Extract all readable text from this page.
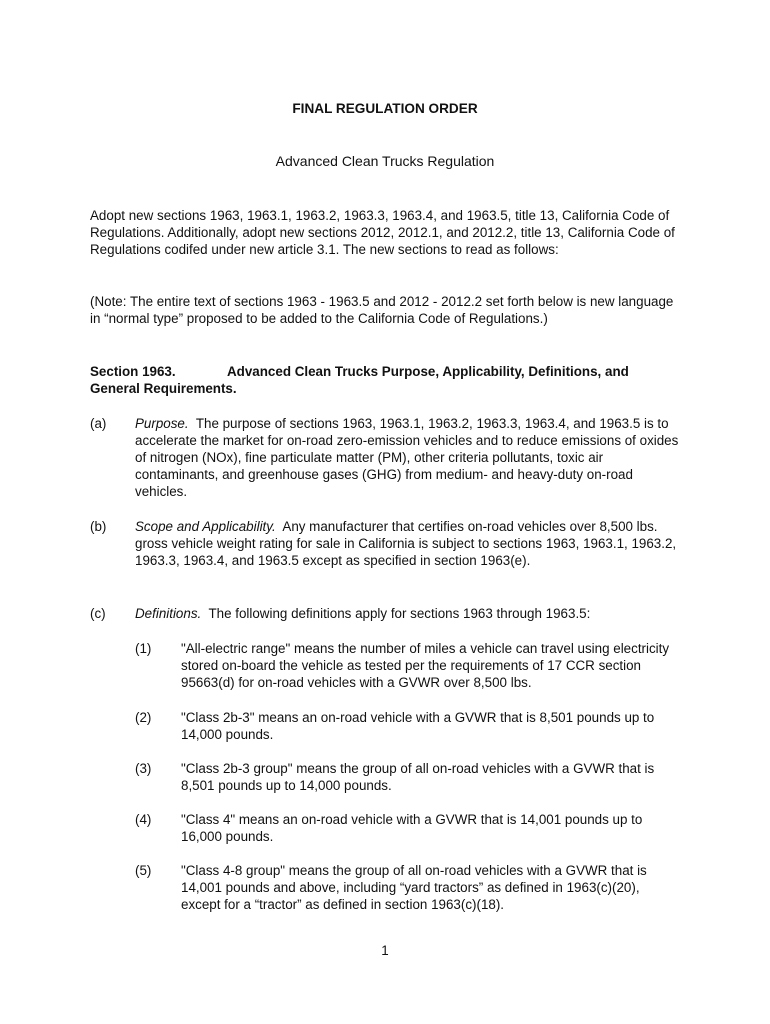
FINAL REGULATION ORDER
Advanced Clean Trucks Regulation
Adopt new sections 1963, 1963.1, 1963.2, 1963.3, 1963.4, and 1963.5, title 13, California Code of Regulations. Additionally, adopt new sections 2012, 2012.1, and 2012.2, title 13, California Code of Regulations codifed under new article 3.1. The new sections to read as follows:
(Note: The entire text of sections 1963 - 1963.5 and 2012 - 2012.2 set forth below is new language in “normal type” proposed to be added to the California Code of Regulations.)
Section 1963.	Advanced Clean Trucks Purpose, Applicability, Definitions, and General Requirements.
(a)	Purpose. The purpose of sections 1963, 1963.1, 1963.2, 1963.3, 1963.4, and 1963.5 is to accelerate the market for on-road zero-emission vehicles and to reduce emissions of oxides of nitrogen (NOx), fine particulate matter (PM), other criteria pollutants, toxic air contaminants, and greenhouse gases (GHG) from medium- and heavy-duty on-road vehicles.
(b)	Scope and Applicability. Any manufacturer that certifies on-road vehicles over 8,500 lbs. gross vehicle weight rating for sale in California is subject to sections 1963, 1963.1, 1963.2, 1963.3, 1963.4, and 1963.5 except as specified in section 1963(e).
(c)	Definitions. The following definitions apply for sections 1963 through 1963.5:
(1)	"All-electric range" means the number of miles a vehicle can travel using electricity stored on-board the vehicle as tested per the requirements of 17 CCR section 95663(d) for on-road vehicles with a GVWR over 8,500 lbs.
(2)	"Class 2b-3" means an on-road vehicle with a GVWR that is 8,501 pounds up to 14,000 pounds.
(3)	"Class 2b-3 group" means the group of all on-road vehicles with a GVWR that is 8,501 pounds up to 14,000 pounds.
(4)	"Class 4" means an on-road vehicle with a GVWR that is 14,001 pounds up to 16,000 pounds.
(5)	"Class 4-8 group" means the group of all on-road vehicles with a GVWR that is 14,001 pounds and above, including “yard tractors” as defined in 1963(c)(20), except for a “tractor” as defined in section 1963(c)(18).
1
